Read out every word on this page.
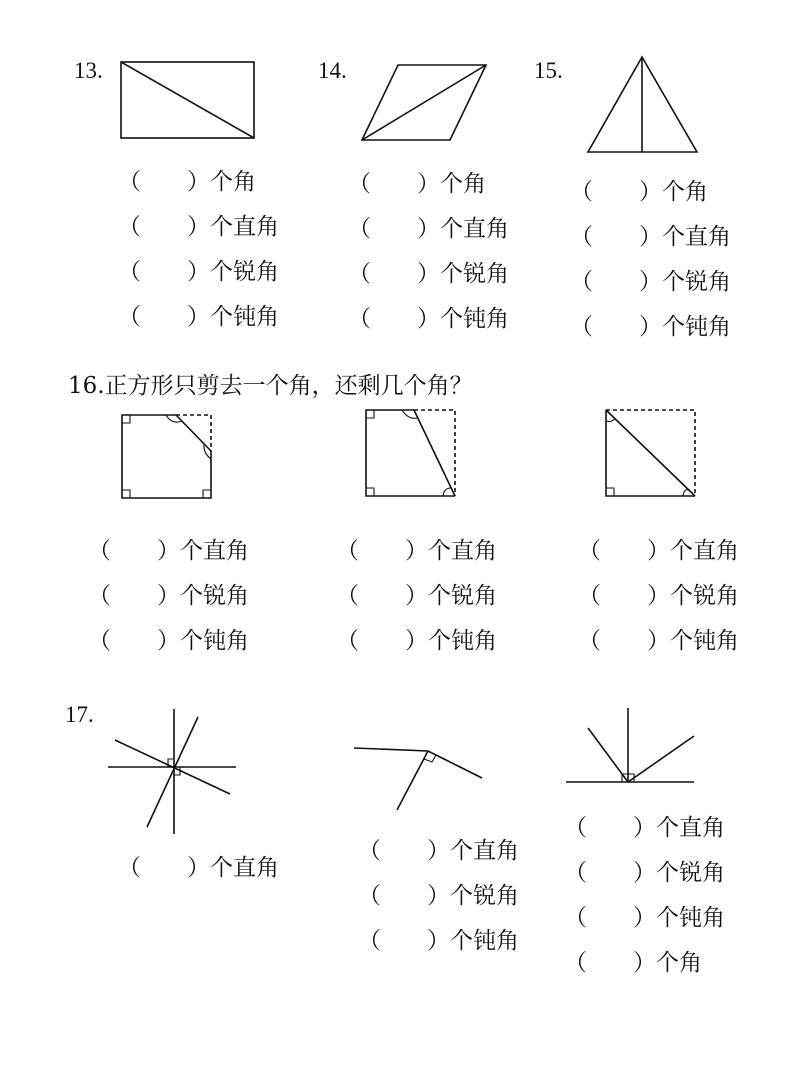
13.
（　　）个角
（　　）个直角
（　　）个锐角
（　　）个钝角
14.
（　　）个角
（　　）个直角
（　　）个锐角
（　　）个钝角
15.
（　　）个角
（　　）个直角
（　　）个锐角
（　　）个钝角
16.正方形只剪去一个角，还剩几个角？
（　　）个直角
（　　）个锐角
（　　）个钝角
（　　）个直角
（　　）个锐角
（　　）个钝角
（　　）个直角
（　　）个锐角
（　　）个钝角
17.
（　　）个直角
（　　）个直角
（　　）个锐角
（　　）个钝角
（　　）个直角
（　　）个锐角
（　　）个钝角
（　　）个角
